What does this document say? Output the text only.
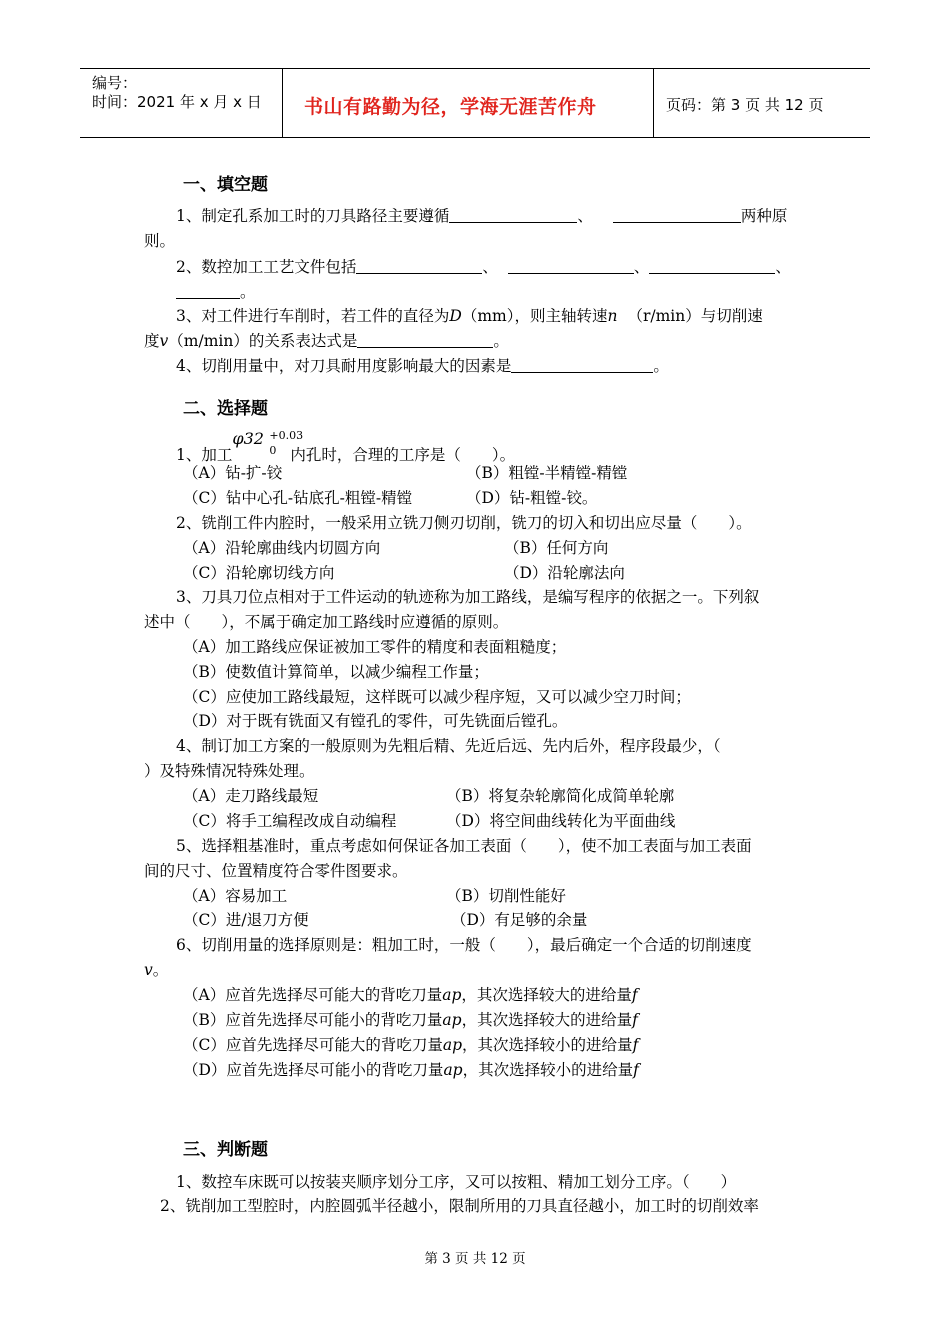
编号：
时间：2021 年 x 月 x 日 书山有路勤为径，学海无涯苦作舟	页码：第 3 页 共 12 页
一、填空题
1、制定孔系加工时的刀具路径主要遵循	、	两种原
则。
2、数控加工工艺文件包括	、	、	、
。
3、对工件进行车削时，若工件的直径为D（mm），则主轴转速n （r/min）与切削速
度v（m/min）的关系表达式是	。
4、切削用量中，对刀具耐用度影响最大的因素是	。
二、选择题
1、加工
φ32 +0.03
0 内孔时，合理的工序是（　　）。
（A）钻-扩-铰	（B）粗镗-半精镗-精镗
（C）钻中心孔-钻底孔-粗镗-精镗	（D）钻-粗镗-铰。
2、铣削工件内腔时，一般采用立铣刀侧刃切削，铣刀的切入和切出应尽量（　　）。
（A）沿轮廓曲线内切圆方向	（B）任何方向
（C）沿轮廓切线方向	（D）沿轮廓法向
3、刀具刀位点相对于工件运动的轨迹称为加工路线，是编写程序的依据之一。下列叙
述中（　　），不属于确定加工路线时应遵循的原则。
（A）加工路线应保证被加工零件的精度和表面粗糙度；
（B）使数值计算简单，以减少编程工作量；
（C）应使加工路线最短，这样既可以减少程序短，又可以减少空刀时间；
（D）对于既有铣面又有镗孔的零件，可先铣面后镗孔。
4、制订加工方案的一般原则为先粗后精、先近后远、先内后外，程序段最少，（
）及特殊情况特殊处理。
（A）走刀路线最短	（B）将复杂轮廓简化成简单轮廓
（C）将手工编程改成自动编程	（D）将空间曲线转化为平面曲线
5、选择粗基准时，重点考虑如何保证各加工表面（　　），使不加工表面与加工表面
间的尺寸、位置精度符合零件图要求。
（A）容易加工	（B）切削性能好
（C）进/退刀方便	（D）有足够的余量
6、切削用量的选择原则是：粗加工时，一般（　　），最后确定一个合适的切削速度
v。
（A）应首先选择尽可能大的背吃刀量ap，其次选择较大的进给量f
（B）应首先选择尽可能小的背吃刀量ap，其次选择较大的进给量f
（C）应首先选择尽可能大的背吃刀量ap，其次选择较小的进给量f
（D）应首先选择尽可能小的背吃刀量ap，其次选择较小的进给量f
三、判断题
1、数控车床既可以按装夹顺序划分工序，又可以按粗、精加工划分工序。（　　）
2、铣削加工型腔时，内腔圆弧半径越小，限制所用的刀具直径越小，加工时的切削效率
第 3 页 共 12 页
